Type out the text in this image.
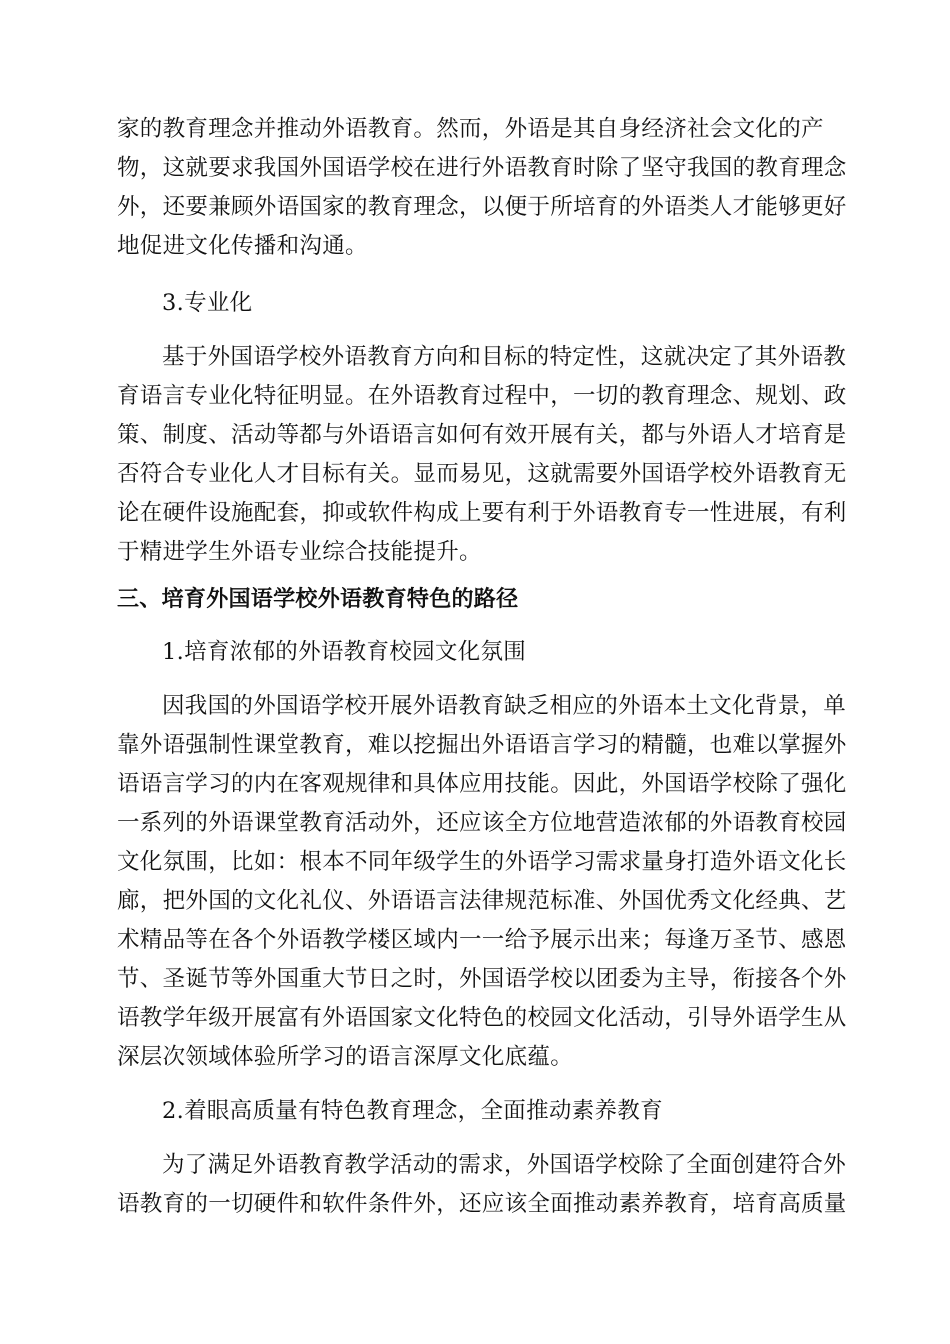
家的教育理念并推动外语教育。然而，外语是其自身经济社会文化的产
物，这就要求我国外国语学校在进行外语教育时除了坚守我国的教育理念
外，还要兼顾外语国家的教育理念，以便于所培育的外语类人才能够更好
地促进文化传播和沟通。
3.专业化
基于外国语学校外语教育方向和目标的特定性，这就决定了其外语教
育语言专业化特征明显。在外语教育过程中，一切的教育理念、规划、政
策、制度、活动等都与外语语言如何有效开展有关，都与外语人才培育是
否符合专业化人才目标有关。显而易见，这就需要外国语学校外语教育无
论在硬件设施配套，抑或软件构成上要有利于外语教育专一性进展，有利
于精进学生外语专业综合技能提升。
三、培育外国语学校外语教育特色的路径
1.培育浓郁的外语教育校园文化氛围
因我国的外国语学校开展外语教育缺乏相应的外语本土文化背景，单
靠外语强制性课堂教育，难以挖掘出外语语言学习的精髓，也难以掌握外
语语言学习的内在客观规律和具体应用技能。因此，外国语学校除了强化
一系列的外语课堂教育活动外，还应该全方位地营造浓郁的外语教育校园
文化氛围，比如：根本不同年级学生的外语学习需求量身打造外语文化长
廊，把外国的文化礼仪、外语语言法律规范标准、外国优秀文化经典、艺
术精品等在各个外语教学楼区域内一一给予展示出来；每逢万圣节、感恩
节、圣诞节等外国重大节日之时，外国语学校以团委为主导，衔接各个外
语教学年级开展富有外语国家文化特色的校园文化活动，引导外语学生从
深层次领域体验所学习的语言深厚文化底蕴。
2.着眼高质量有特色教育理念，全面推动素养教育
为了满足外语教育教学活动的需求，外国语学校除了全面创建符合外
语教育的一切硬件和软件条件外，还应该全面推动素养教育，培育高质量
